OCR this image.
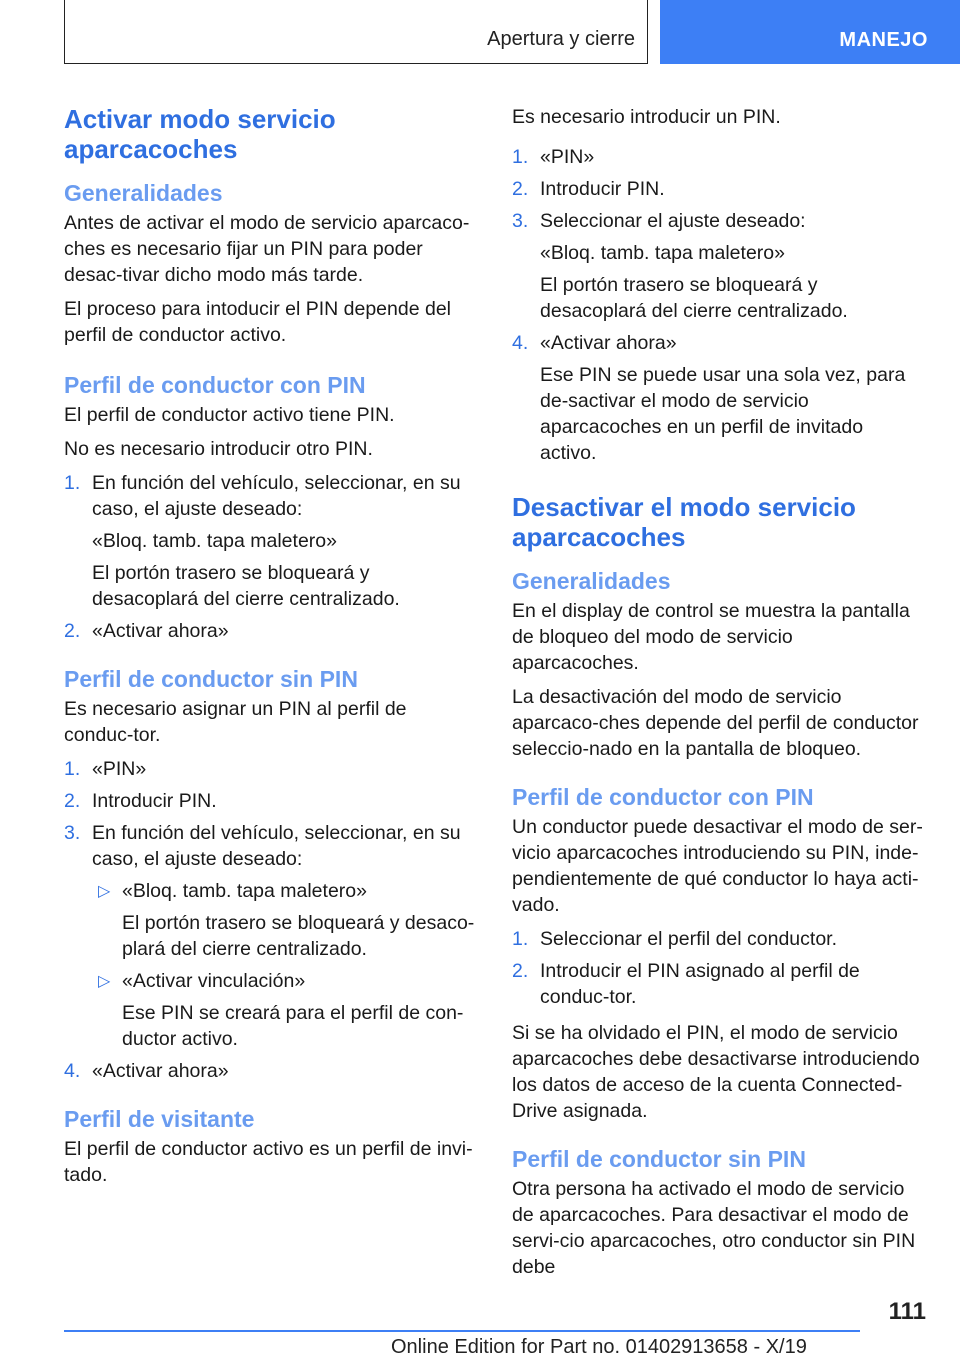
Apertura y cierre	MANEJO
Activar modo servicio aparcacoches
Generalidades
Antes de activar el modo de servicio aparcaco‐ches es necesario fijar un PIN para poder desac‐tivar dicho modo más tarde.
El proceso para intoducir el PIN depende del perfil de conductor activo.
Perfil de conductor con PIN
El perfil de conductor activo tiene PIN.
No es necesario introducir otro PIN.
1. En función del vehículo, seleccionar, en su caso, el ajuste deseado:
«Bloq. tamb. tapa maletero»
El portón trasero se bloqueará y desacoplará del cierre centralizado.
2. «Activar ahora»
Perfil de conductor sin PIN
Es necesario asignar un PIN al perfil de conduc‐tor.
1. «PIN»
2. Introducir PIN.
3. En función del vehículo, seleccionar, en su caso, el ajuste deseado:
▷ «Bloq. tamb. tapa maletero»
El portón trasero se bloqueará y desaco‐plará del cierre centralizado.
▷ «Activar vinculación»
Ese PIN se creará para el perfil de con‐ductor activo.
4. «Activar ahora»
Perfil de visitante
El perfil de conductor activo es un perfil de invi‐tado.
Es necesario introducir un PIN.
1. «PIN»
2. Introducir PIN.
3. Seleccionar el ajuste deseado:
«Bloq. tamb. tapa maletero»
El portón trasero se bloqueará y desacoplará del cierre centralizado.
4. «Activar ahora»
Ese PIN se puede usar una sola vez, para de‐sactivar el modo de servicio aparcacoches en un perfil de invitado activo.
Desactivar el modo servicio aparcacoches
Generalidades
En el display de control se muestra la pantalla de bloqueo del modo de servicio aparcacoches.
La desactivación del modo de servicio aparcaco‐ches depende del perfil de conductor seleccio‐nado en la pantalla de bloqueo.
Perfil de conductor con PIN
Un conductor puede desactivar el modo de ser‐vicio aparcacoches introduciendo su PIN, inde‐pendientemente de qué conductor lo haya acti‐vado.
1. Seleccionar el perfil del conductor.
2. Introducir el PIN asignado al perfil de conduc‐tor.
Si se ha olvidado el PIN, el modo de servicio aparcacoches debe desactivarse introduciendo los datos de acceso de la cuenta Connected‐Drive asignada.
Perfil de conductor sin PIN
Otra persona ha activado el modo de servicio de aparcacoches. Para desactivar el modo de servi‐cio aparcacoches, otro conductor sin PIN debe
111
Online Edition for Part no. 01402913658 - X/19
